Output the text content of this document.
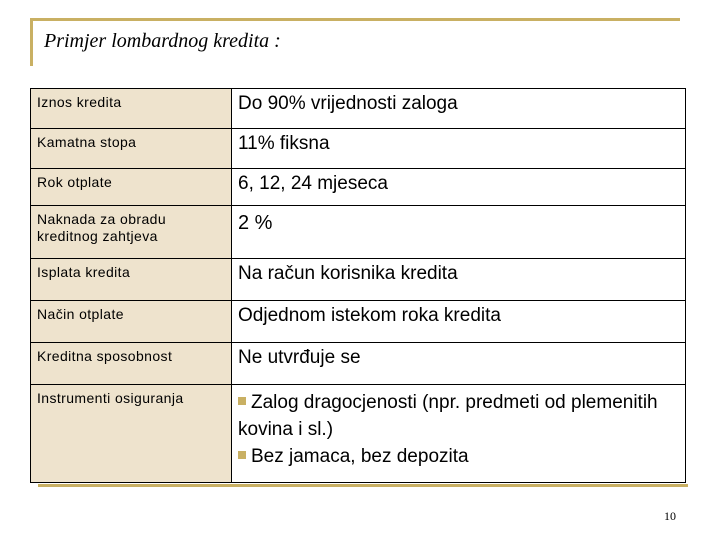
Primjer lombardnog kredita :
Iznos kredita	Do 90% vrijednosti zaloga
Kamatna stopa	11% fiksna
Rok otplate	6, 12, 24 mjeseca
Naknada za obradu kreditnog zahtjeva	2 %
Isplata kredita	Na račun korisnika kredita
Način otplate	Odjednom istekom roka kredita
Kreditna sposobnost	Ne utvrđuje se
Instrumenti osiguranja	Zalog dragocjenosti (npr. predmeti od plemenitih kovina i sl.)
Bez jamaca, bez depozita
10
